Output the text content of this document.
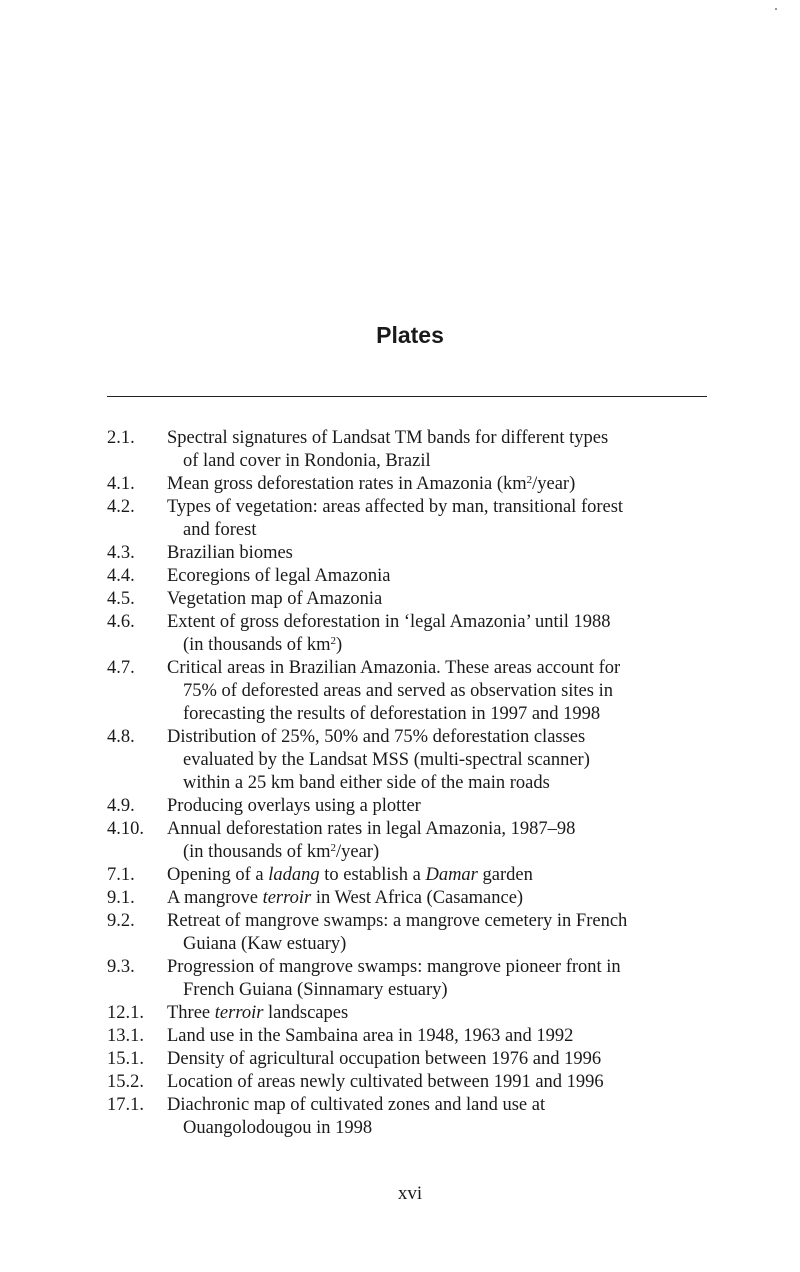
Plates
2.1. Spectral signatures of Landsat TM bands for different types
of land cover in Rondonia, Brazil
4.1. Mean gross deforestation rates in Amazonia $(km^2/year)$
4.2. Types of vegetation: areas affected by man, transitional forest
and forest
4.3. Brazilian biomes
4.4. Ecoregions of legal Amazonia
4.5. Vegetation map of Amazonia
4.6. Extent of gross deforestation in ‘legal Amazonia’ until 1988
(in thousands of $km^2$)
4.7. Critical areas in Brazilian Amazonia. These areas account for
75% of deforested areas and served as observation sites in
forecasting the results of deforestation in 1997 and 1998
4.8. Distribution of 25%, 50% and 75% deforestation classes
evaluated by the Landsat MSS (multi-spectral scanner)
within a 25 km band either side of the main roads
4.9. Producing overlays using a plotter
4.10. Annual deforestation rates in legal Amazonia, 1987–98
(in thousands of $km^2/year$)
7.1. Opening of a ladang to establish a Damar garden
9.1. A mangrove terroir in West Africa (Casamance)
9.2. Retreat of mangrove swamps: a mangrove cemetery in French
Guiana (Kaw estuary)
9.3. Progression of mangrove swamps: mangrove pioneer front in
French Guiana (Sinnamary estuary)
12.1. Three terroir landscapes
13.1. Land use in the Sambaina area in 1948, 1963 and 1992
15.1. Density of agricultural occupation between 1976 and 1996
15.2. Location of areas newly cultivated between 1991 and 1996
17.1. Diachronic map of cultivated zones and land use at
Ouangolodougou in 1998
xvi
